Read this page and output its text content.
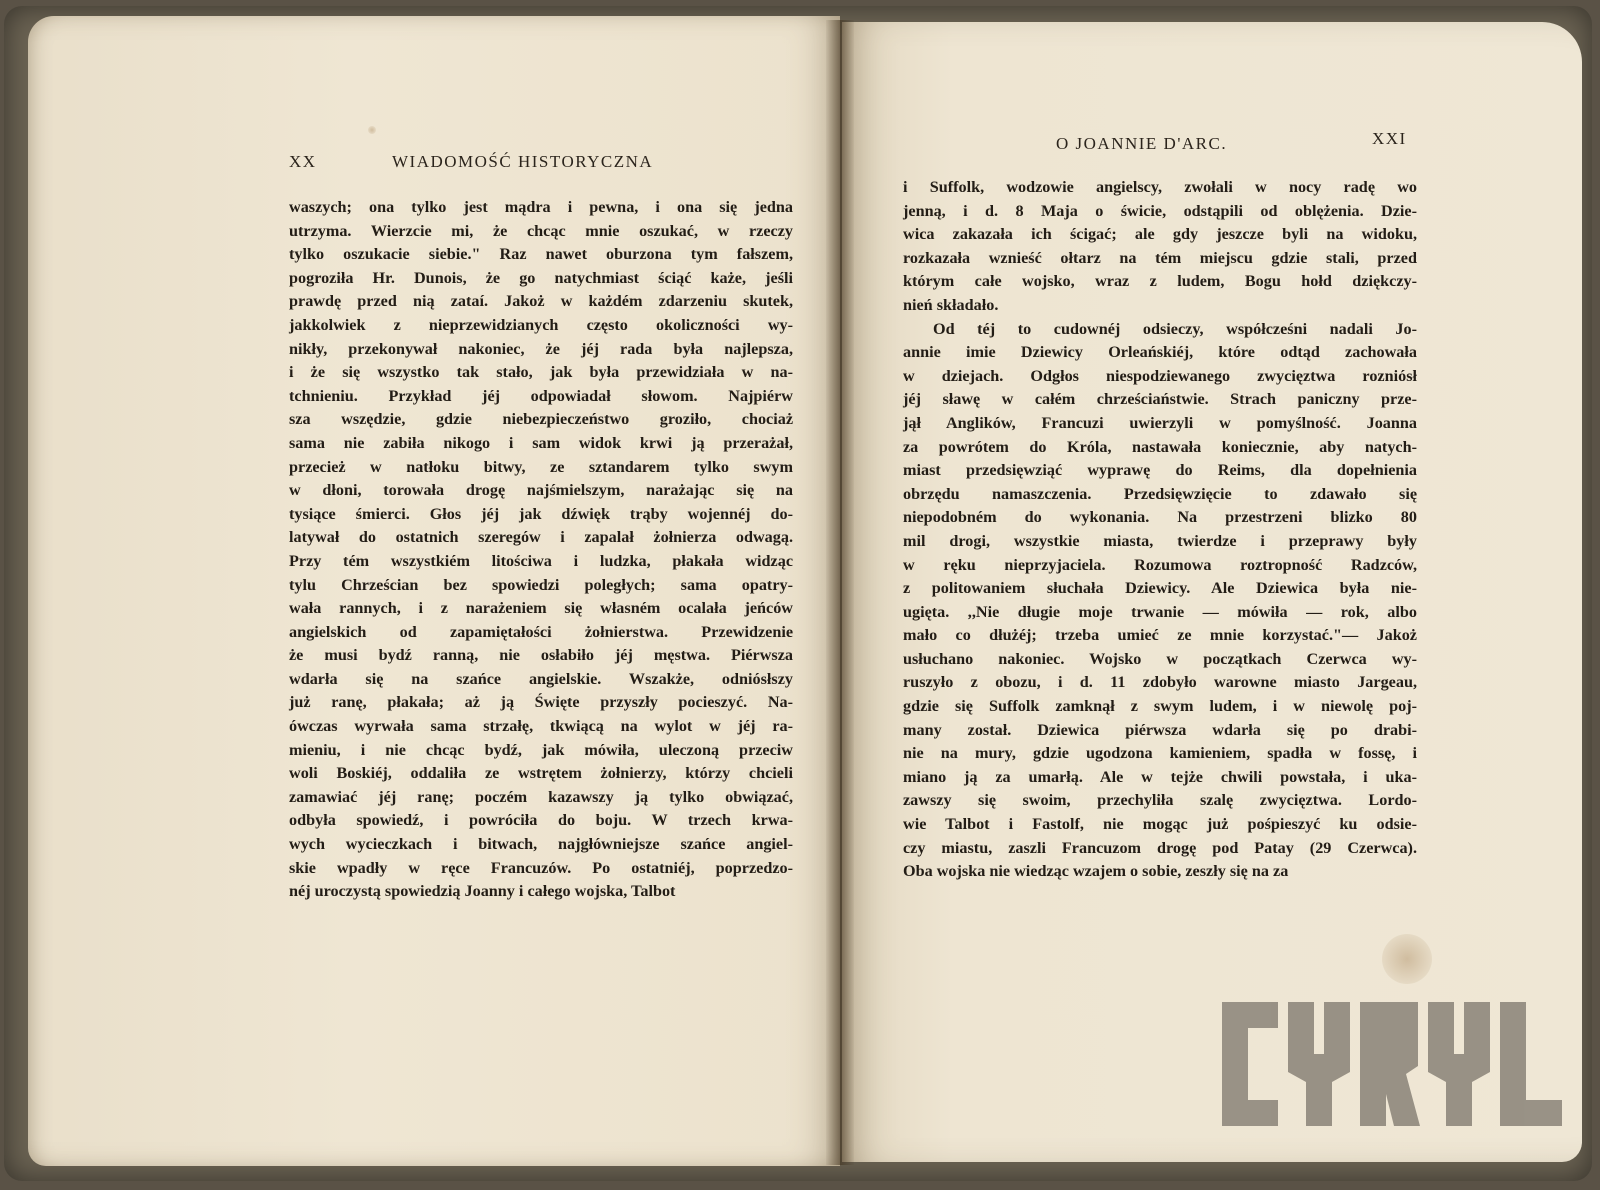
XX	WIADOMOŚĆ HISTORYCZNA
O JOANNIE D'ARC.	XXI
waszych; ona tylko jest mądra i pewna, i ona się jedna
utrzyma. Wierzcie mi, że chcąc mnie oszukać, w rzeczy
tylko oszukacie siebie." Raz nawet oburzona tym fałszem,
pogroziła Hr. Dunois, że go natychmiast ściąć każe, jeśli
prawdę przed nią zataí. Jakoż w każdém zdarzeniu skutek,
jakkolwiek z nieprzewidzianych często okoliczności wy-
nikły, przekonywał nakoniec, że jéj rada była najlepsza,
i że się wszystko tak stało, jak była przewidziała w na-
tchnieniu. Przykład jéj odpowiadał słowom. Najpiérw
sza wszędzie, gdzie niebezpieczeństwo groziło, chociaż
sama nie zabiła nikogo i sam widok krwi ją przerażał,
przecież w natłoku bitwy, ze sztandarem tylko swym
w dłoni, torowała drogę najśmielszym, narażając się na
tysiące śmierci. Głos jéj jak dźwięk trąby wojennéj do-
latywał do ostatnich szeregów i zapalał żołnierza odwagą.
Przy tém wszystkiém litościwa i ludzka, płakała widząc
tylu Chrześcian bez spowiedzi poległych; sama opatry-
wała rannych, i z narażeniem się własném ocalała jeńców
angielskich od zapamiętałości żołnierstwa. Przewidzenie
że musi bydź ranną, nie osłabiło jéj męstwa. Piérwsza
wdarła się na szańce angielskie. Wszakże, odniósłszy
już ranę, płakała; aż ją Święte przyszły pocieszyć. Na-
ówczas wyrwała sama strzałę, tkwiącą na wylot w jéj ra-
mieniu, i nie chcąc bydź, jak mówiła, uleczoną przeciw
woli Boskiéj, oddaliła ze wstrętem żołnierzy, którzy chcieli
zamawiać jéj ranę; poczém kazawszy ją tylko obwiązać,
odbyła spowiedź, i powróciła do boju. W trzech krwa-
wych wycieczkach i bitwach, najgłówniejsze szańce angiel-
skie wpadły w ręce Francuzów. Po ostatniéj, poprzedzo-
néj uroczystą spowiedzią Joanny i całego wojska, Talbot
i Suffolk, wodzowie angielscy, zwołali w nocy radę wo
jenną, i d. 8 Maja o świcie, odstąpili od oblężenia. Dzie-
wica zakazała ich ścigać; ale gdy jeszcze byli na widoku,
rozkazała wznieść ołtarz na tém miejscu gdzie stali, przed
którym całe wojsko, wraz z ludem, Bogu hołd dziękczy-
nień składało.
Od téj to cudownéj odsieczy, współcześni nadali Jo-
annie imie Dziewicy Orleańskiéj, które odtąd zachowała
w dziejach. Odgłos niespodziewanego zwycięztwa rozniósł
jéj sławę w całém chrześciaństwie. Strach paniczny prze-
jął Anglików, Francuzi uwierzyli w pomyślność. Joanna
za powrótem do Króla, nastawała koniecznie, aby natych-
miast przedsięwziąć wyprawę do Reims, dla dopełnienia
obrzędu namaszczenia. Przedsięwzięcie to zdawało się
niepodobném do wykonania. Na przestrzeni blizko 80
mil drogi, wszystkie miasta, twierdze i przeprawy były
w ręku nieprzyjaciela. Rozumowa roztropność Radzców,
z politowaniem słuchała Dziewicy. Ale Dziewica była nie-
ugięta. ,,Nie długie moje trwanie — mówiła — rok, albo
mało co dłużéj; trzeba umieć ze mnie korzystać."— Jakoż
usłuchano nakoniec. Wojsko w początkach Czerwca wy-
ruszyło z obozu, i d. 11 zdobyło warowne miasto Jargeau,
gdzie się Suffolk zamknął z swym ludem, i w niewolę poj-
many został. Dziewica piérwsza wdarła się po drabi-
nie na mury, gdzie ugodzona kamieniem, spadła w fossę, i
miano ją za umarłą. Ale w tejże chwili powstała, i uka-
zawszy się swoim, przechyliła szalę zwycięztwa. Lordo-
wie Talbot i Fastolf, nie mogąc już pośpieszyć ku odsie-
czy miastu, zaszli Francuzom drogę pod Patay (29 Czerwca).
Oba wojska nie wiedząc wzajem o sobie, zeszły się na za
